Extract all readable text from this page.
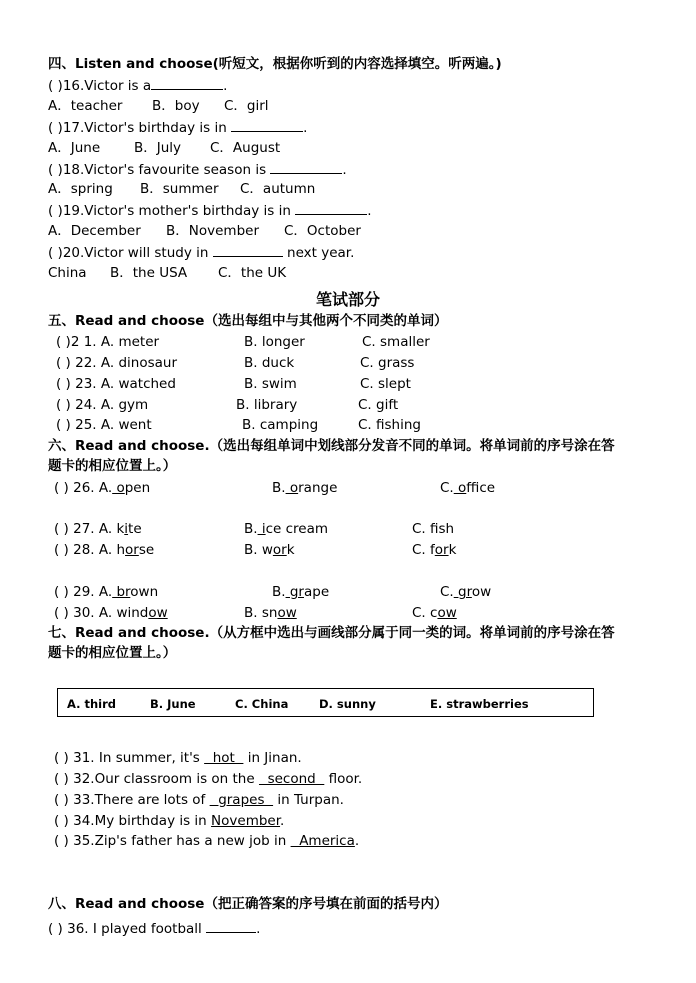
四、Listen and choose(听短文，根据你听到的内容选择填空。听两遍。)
( )16.Victor is a	.
A．teacher B．boy C．girl
( )17.Victor's birthday is in	.
A．June	B．July C．August
( )18.Victor's favourite season is	.
A．spring B．summer C．autumn
( )19.Victor's mother's birthday is in	.
A．December B．November C．October
( )20.Victor will study in	next year.
China B．the USA C．the UK
笔试部分
五、Read and choose（选出每组中与其他两个不同类的单词）
( )2 1. A. meter	B. longer	C. smaller
( ) 22. A. dinosaur	B. duck	C. grass
( ) 23. A. watched	B. swim	C. slept
( ) 24. A. gym	B. library	C. gift
( ) 25. A. went	B. camping	C. fishing
六、Read and choose.（选出每组单词中划线部分发音不同的单词。将单词前的序号涂在答
题卡的相应位置上。）
( ) 26. A. open	B. orange	C. office
( ) 27. A. kite	B. ice cream	C. fsh
( ) 28. A. horse	B. work	C. fork
( ) 29. A. brown	B. grape	C. grow
( ) 30. A. window	B. snow	C. cow
七、Read and choose.（从方框中选出与画线部分属于同一类的词。将单词前的序号涂在答
题卡的相应位置上。）
A. third	B. June	C. China	D. sunny	E. strawberries
( ) 31. In summer, it's   hot   in Jinan.
( ) 32.Our classroom is on the   second   floor.
( ) 33.There are lots of   grapes   in Turpan.
( ) 34.My birthday is in November.
( ) 35.Zip's father has a new job in   America.
八、Read and choose（把正确答案的序号填在前面的括号内）
( ) 36. I played football	.
